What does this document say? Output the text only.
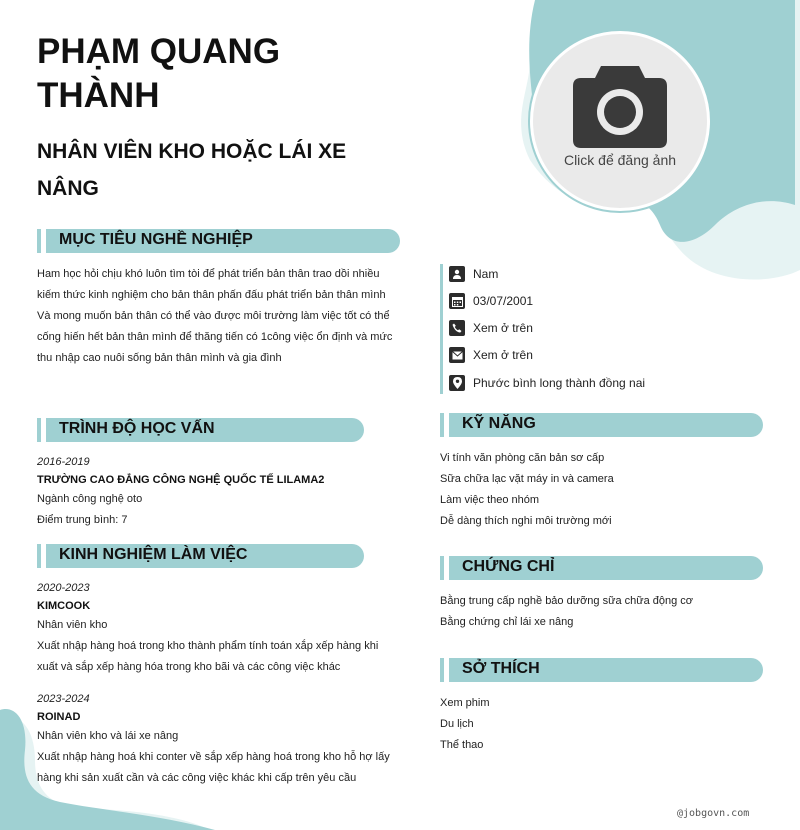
PHẠM QUANG
THÀNH
NHÂN VIÊN KHO HOẶC LÁI XE
NÂNG
Click để đăng ảnh
MỤC TIÊU NGHỀ NGHIỆP
Ham học hỏi chịu khó luôn tìm tòi để phát triển bản thân trao dồi nhiều
kiếm thức kinh nghiệm cho bản thân phấn đấu phát triển bản thân mình
Và mong muốn bản thân có thể vào được môi trường làm việc tốt có thể
cống hiến hết bản thân mình để thăng tiến có 1công việc ổn định và mức
thu nhập cao nuôi sống bản thân mình và gia đình
TRÌNH ĐỘ HỌC VẤN
2016-2019
TRƯỜNG CAO ĐẲNG CÔNG NGHỆ QUỐC TẾ LILAMA2
Ngành công nghệ oto
Điểm trung bình: 7
KINH NGHIỆM LÀM VIỆC
2020-2023
KIMCOOK
Nhân viên kho
Xuất nhập hàng hoá trong kho thành phẩm tính toán xắp xếp hàng khi
xuất và sắp xếp hàng hóa trong kho bãi và các công việc khác
2023-2024
ROINAD
Nhân viên kho và lái xe nâng
Xuất nhập hàng hoá khi conter về sắp xếp hàng hoá trong kho hỗ hợ lấy
hàng khi sản xuất cần và các công việc khác khi cấp trên yêu cầu
Nam
03/07/2001
Xem ở trên
Xem ở trên
Phước bình long thành đồng nai
KỸ NĂNG
Vi tính văn phòng căn bản sơ cấp
Sữa chữa lạc vặt máy in và camera
Làm việc theo nhóm
Dễ dàng thích nghi môi trường mới
CHỨNG CHỈ
Bằng trung cấp nghề bảo dưỡng sữa chữa động cơ
Bằng chứng chỉ lái xe nâng
SỞ THÍCH
Xem phim
Du lịch
Thể thao
@jobgovn.com
